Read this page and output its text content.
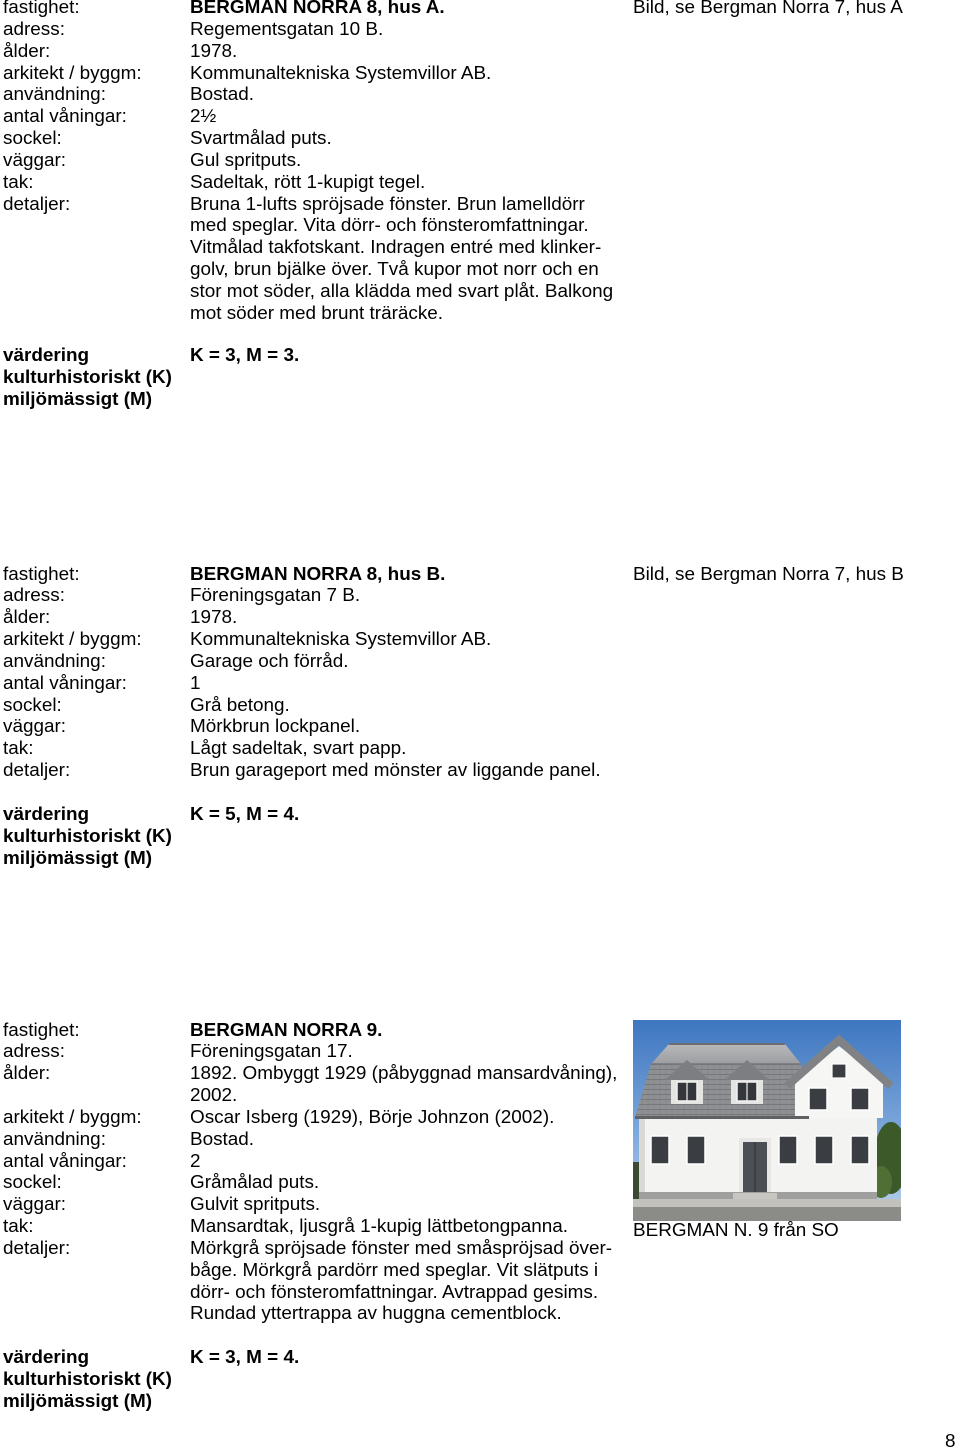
fastighet:	BERGMAN NORRA 8, hus A.
adress:	Regementsgatan 10 B.
ålder:	1978.
arkitekt / byggm:	Kommunaltekniska Systemvillor AB.
användning:	Bostad.
antal våningar:	2½
sockel:	Svartmålad puts.
väggar:	Gul spritputs.
tak:	Sadeltak, rött 1-kupigt tegel.
detaljer:	Bruna 1-lufts spröjsade fönster. Brun lamelldörr
med speglar. Vita dörr- och fönsteromfattningar.
Vitmålad takfotskant. Indragen entré med klinker-
golv, brun bjälke över. Två kupor mot norr och en
stor mot söder, alla klädda med svart plåt. Balkong
mot söder med brunt träräcke.
Bild, se Bergman Norra 7, hus A
värdering	K = 3, M = 3.
kulturhistoriskt (K)
miljömässigt (M)
fastighet:	BERGMAN NORRA 8, hus B.
adress:	Föreningsgatan 7 B.
ålder:	1978.
arkitekt / byggm:	Kommunaltekniska Systemvillor AB.
användning:	Garage och förråd.
antal våningar:	1
sockel:	Grå betong.
väggar:	Mörkbrun lockpanel.
tak:	Lågt sadeltak, svart papp.
detaljer:	Brun garageport med mönster av liggande panel.
Bild, se Bergman Norra 7, hus B
värdering	K = 5, M = 4.
kulturhistoriskt (K)
miljömässigt (M)
fastighet:	BERGMAN NORRA 9.
adress:	Föreningsgatan 17.
ålder:	1892. Ombyggt 1929 (påbyggnad mansardvåning),
2002.
arkitekt / byggm:	Oscar Isberg (1929), Börje Johnzon (2002).
användning:	Bostad.
antal våningar:	2
sockel:	Gråmålad puts.
väggar:	Gulvit spritputs.
tak:	Mansardtak, ljusgrå 1-kupig lättbetongpanna.
detaljer:	Mörkgrå spröjsade fönster med småspröjsad över-
båge. Mörkgrå pardörr med speglar. Vit slätputs i
dörr- och fönsteromfattningar. Avtrappad gesims.
Rundad yttertrappa av huggna cementblock.
BERGMAN N. 9 från SO
värdering	K = 3, M = 4.
kulturhistoriskt (K)
miljömässigt (M)
8
